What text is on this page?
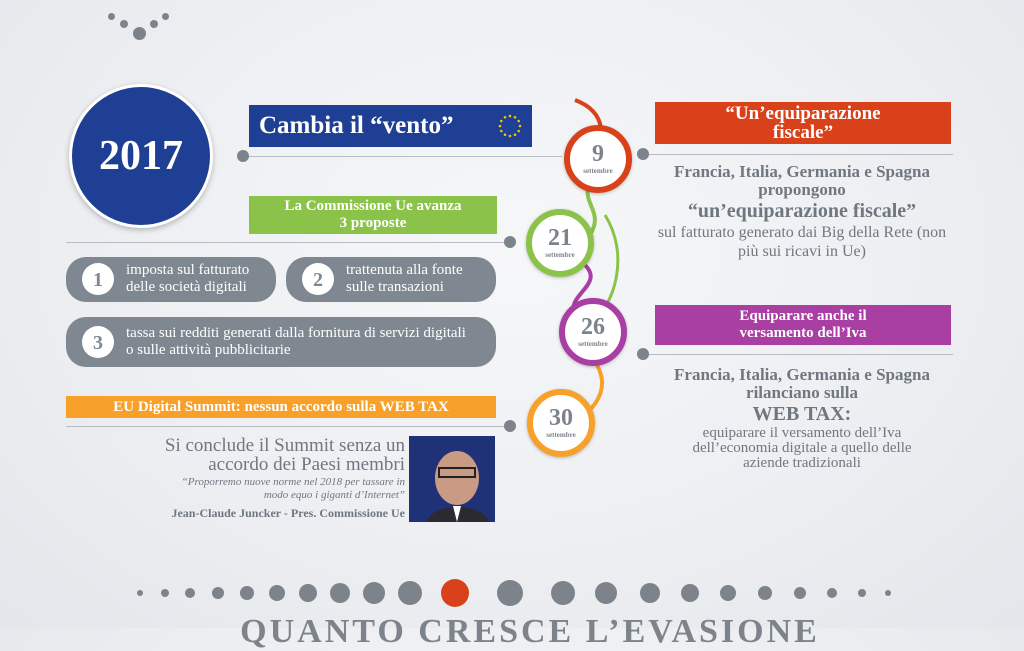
2017
Cambia il “vento”
9
settembre
21
settembre
26
settembre
30
settembre
La Commissione Ue avanza 3 proposte
1	imposta sul fatturato delle società digitali	2	trattenuta alla fonte sulle transazioni
3	tassa sui redditi generati dalla fornitura di servizi digitali o sulle attività pubblicitarie
EU Digital Summit: nessun accordo sulla WEB TAX
Si conclude il Summit senza un accordo dei Paesi membri
“Proporremo nuove norme nel 2018 per tassare in modo equo i giganti d’Internet”
Jean-Claude Juncker - Pres. Commissione Ue
“Un’equiparazione fiscale”
Francia, Italia, Germania e Spagna propongono
“un’equiparazione fiscale”
sul fatturato generato dai Big della Rete (non più sui ricavi in Ue)
Equiparare anche il versamento dell’Iva
Francia, Italia, Germania e Spagna rilanciano sulla
WEB TAX:
equiparare il versamento dell’Iva dell’economia digitale a quello delle aziende tradizionali
QUANTO CRESCE L’EVASIONE
